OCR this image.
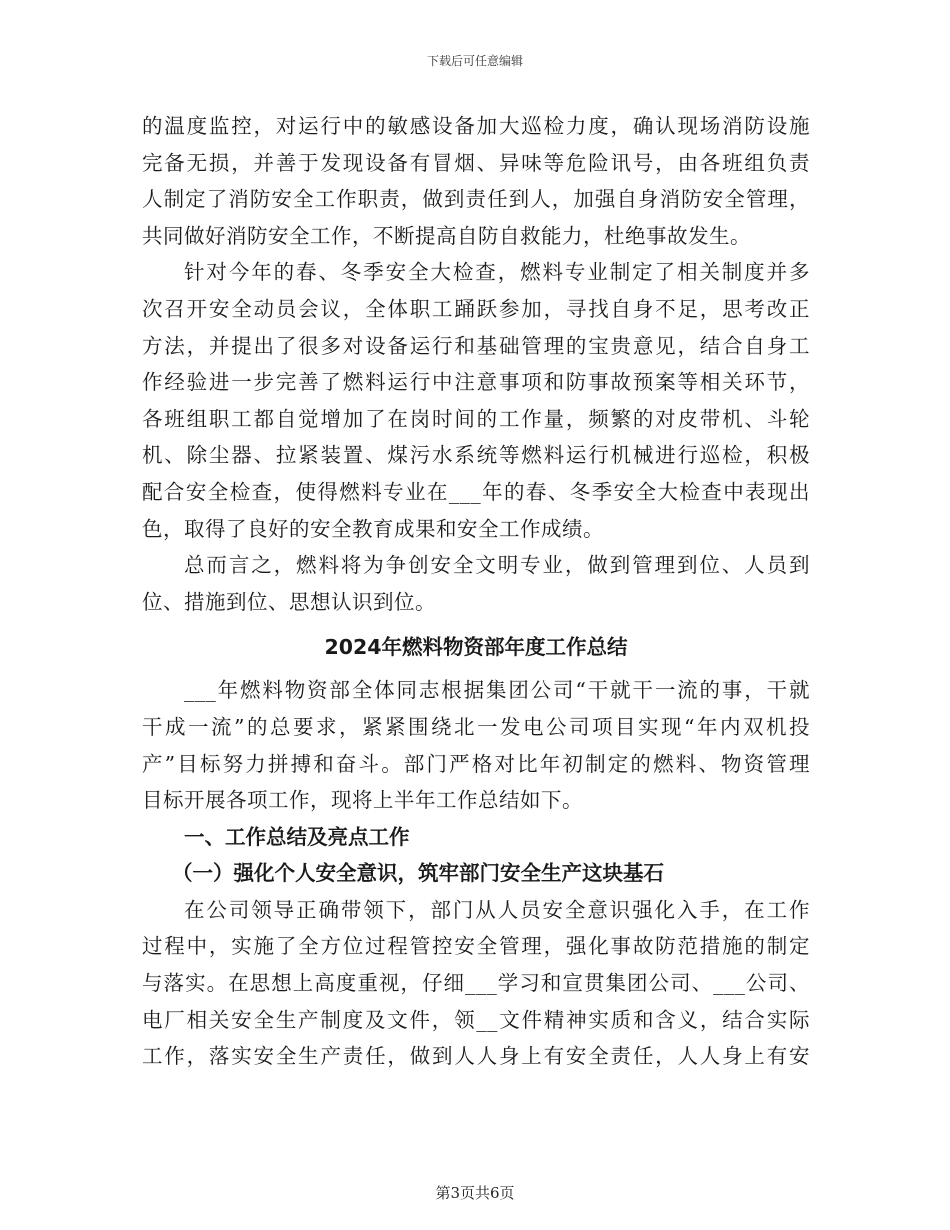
下载后可任意编辑
的温度监控，对运行中的敏感设备加大巡检力度，确认现场消防设施
完备无损，并善于发现设备有冒烟、异味等危险讯号，由各班组负责
人制定了消防安全工作职责，做到责任到人，加强自身消防安全管理，
共同做好消防安全工作，不断提高自防自救能力，杜绝事故发生。
针对今年的春、冬季安全大检查，燃料专业制定了相关制度并多
次召开安全动员会议，全体职工踊跃参加，寻找自身不足，思考改正
方法，并提出了很多对设备运行和基础管理的宝贵意见，结合自身工
作经验进一步完善了燃料运行中注意事项和防事故预案等相关环节，
各班组职工都自觉增加了在岗时间的工作量，频繁的对皮带机、斗轮
机、除尘器、拉紧装置、煤污水系统等燃料运行机械进行巡检，积极
配合安全检查，使得燃料专业在___年的春、冬季安全大检查中表现出
色，取得了良好的安全教育成果和安全工作成绩。
总而言之，燃料将为争创安全文明专业，做到管理到位、人员到
位、措施到位、思想认识到位。
2024年燃料物资部年度工作总结
___年燃料物资部全体同志根据集团公司“干就干一流的事，干就
干成一流”的总要求，紧紧围绕北一发电公司项目实现“年内双机投
产”目标努力拼搏和奋斗。部门严格对比年初制定的燃料、物资管理
目标开展各项工作，现将上半年工作总结如下。
一、工作总结及亮点工作
（一）强化个人安全意识，筑牢部门安全生产这块基石
在公司领导正确带领下，部门从人员安全意识强化入手，在工作
过程中，实施了全方位过程管控安全管理，强化事故防范措施的制定
与落实。在思想上高度重视，仔细___学习和宣贯集团公司、___公司、
电厂相关安全生产制度及文件，领__文件精神实质和含义，结合实际
工作，落实安全生产责任，做到人人身上有安全责任，人人身上有安
第3页共6页
